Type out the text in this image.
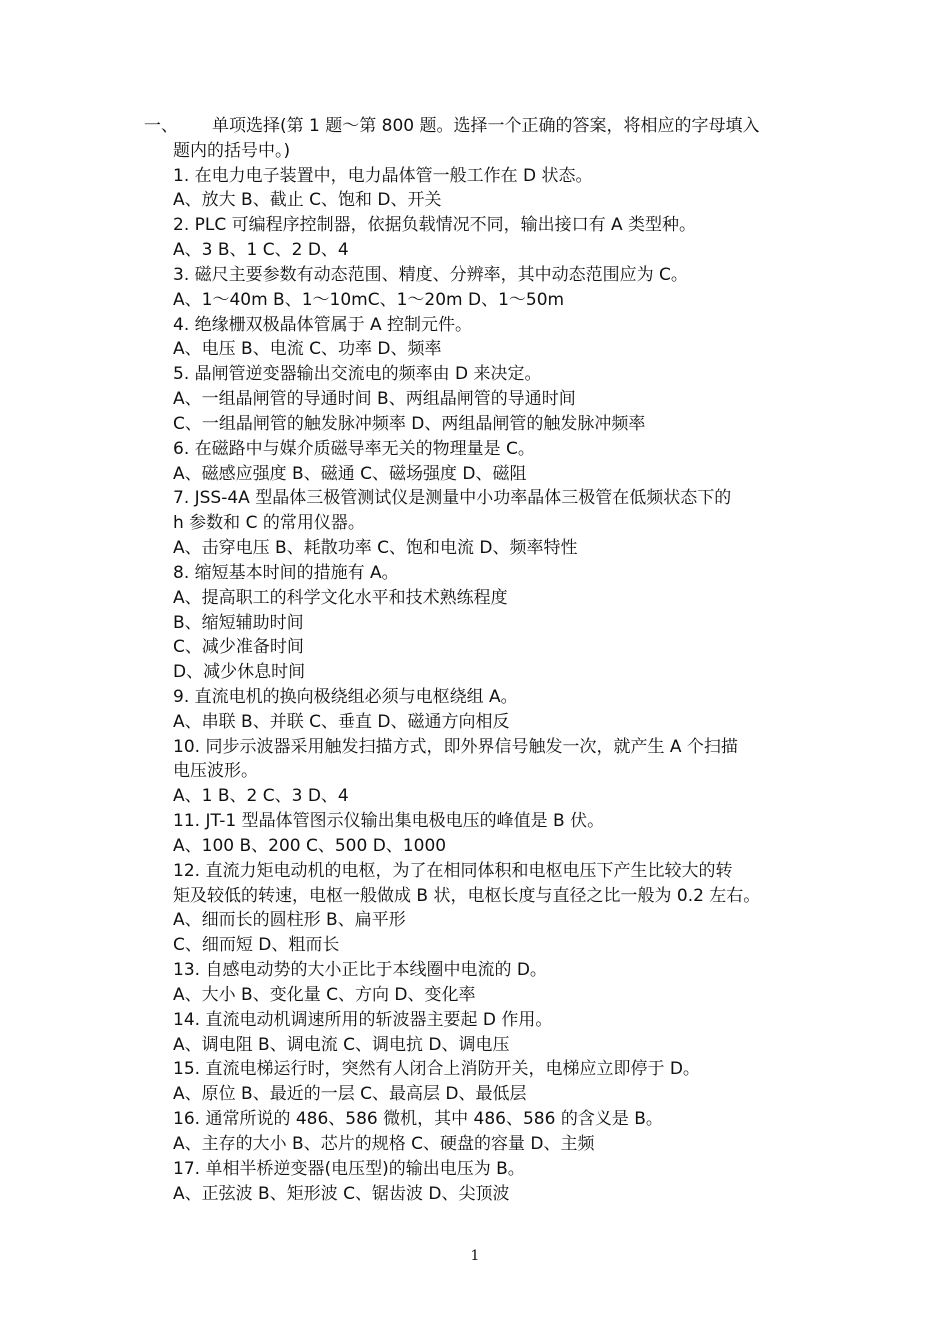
一、	单项选择(第 1 题～第 800 题。选择一个正确的答案，将相应的字母填入
题内的括号中。)
1. 在电力电子装置中，电力晶体管一般工作在 D 状态。
A、放大 B、截止 C、饱和 D、开关
2. PLC 可编程序控制器，依据负载情况不同，输出接口有 A 类型种。
A、3 B、1 C、2 D、4
3. 磁尺主要参数有动态范围、精度、分辨率，其中动态范围应为 C。
A、1～40m B、1～10mC、1～20m D、1～50m
4. 绝缘栅双极晶体管属于 A 控制元件。
A、电压 B、电流 C、功率 D、频率
5. 晶闸管逆变器输出交流电的频率由 D 来决定。
A、一组晶闸管的导通时间 B、两组晶闸管的导通时间
C、一组晶闸管的触发脉冲频率 D、两组晶闸管的触发脉冲频率
6. 在磁路中与媒介质磁导率无关的物理量是 C。
A、磁感应强度 B、磁通 C、磁场强度 D、磁阻
7. JSS-4A 型晶体三极管测试仪是测量中小功率晶体三极管在低频状态下的
h 参数和 C 的常用仪器。
A、击穿电压 B、耗散功率 C、饱和电流 D、频率特性
8. 缩短基本时间的措施有 A。
A、提高职工的科学文化水平和技术熟练程度
B、缩短辅助时间
C、减少准备时间
D、减少休息时间
9. 直流电机的换向极绕组必须与电枢绕组 A。
A、串联 B、并联 C、垂直 D、磁通方向相反
10. 同步示波器采用触发扫描方式，即外界信号触发一次，就产生 A 个扫描
电压波形。
A、1 B、2 C、3 D、4
11. JT-1 型晶体管图示仪输出集电极电压的峰值是 B 伏。
A、100 B、200 C、500 D、1000
12. 直流力矩电动机的电枢，为了在相同体积和电枢电压下产生比较大的转
矩及较低的转速，电枢一般做成 B 状，电枢长度与直径之比一般为 0.2 左右。
A、细而长的圆柱形 B、扁平形
C、细而短 D、粗而长
13. 自感电动势的大小正比于本线圈中电流的 D。
A、大小 B、变化量 C、方向 D、变化率
14. 直流电动机调速所用的斩波器主要起 D 作用。
A、调电阻 B、调电流 C、调电抗 D、调电压
15. 直流电梯运行时，突然有人闭合上消防开关，电梯应立即停于 D。
A、原位 B、最近的一层 C、最高层 D、最低层
16. 通常所说的 486、586 微机，其中 486、586 的含义是 B。
A、主存的大小 B、芯片的规格 C、硬盘的容量 D、主频
17. 单相半桥逆变器(电压型)的输出电压为 B。
A、正弦波 B、矩形波 C、锯齿波 D、尖顶波
1
